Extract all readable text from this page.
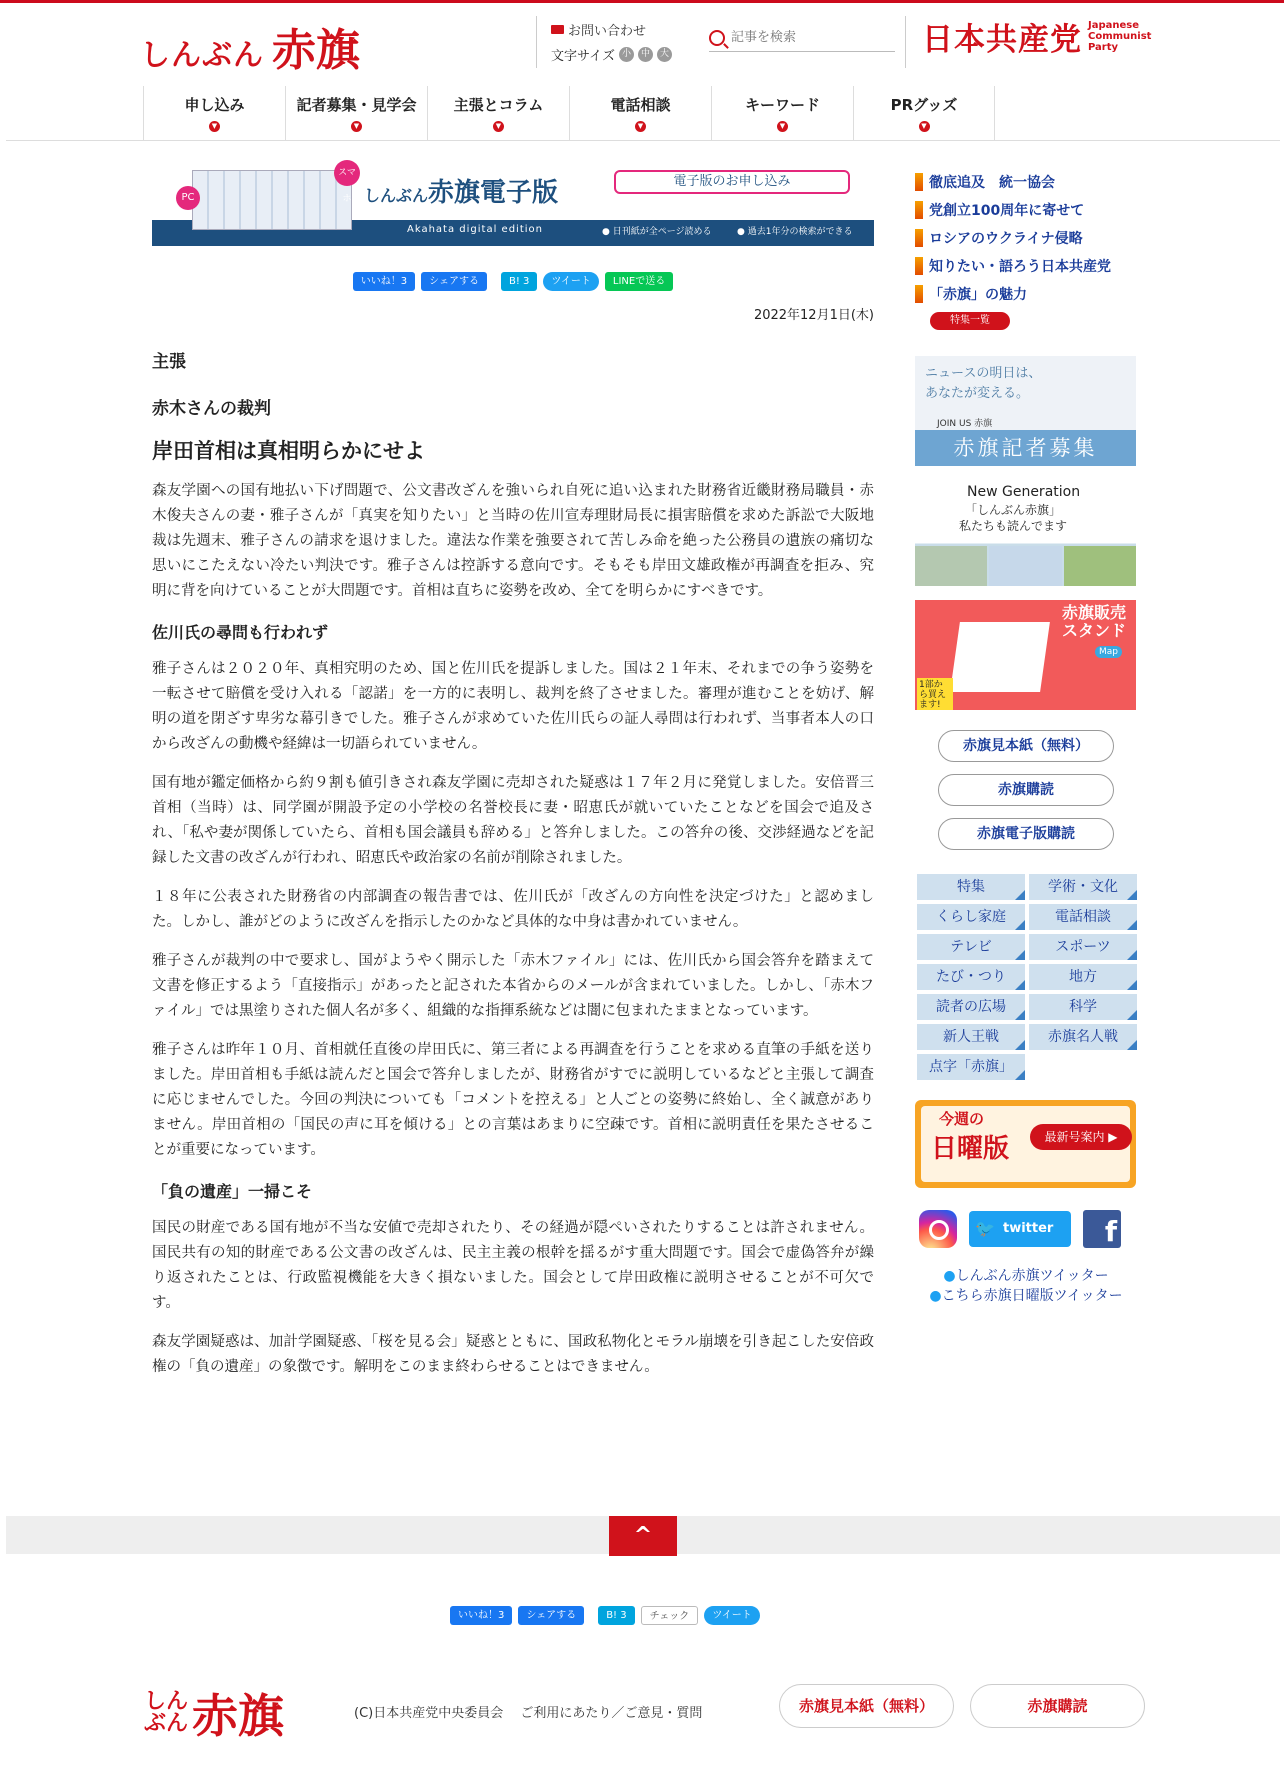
しんぶん 赤旗	お問い合わせ
文字サイズ 小	中	大
記事を検索	日本共産党 Japanese Communist Party
申し込み
▼
記者募集・見学会
▼
主張とコラム
▼
電話相談
▼
キーワード
▼
PRグッズ
▼
PC
スマホ しんぶん赤旗電子版	電子版のお申し込み
Akahata digital edition	● 日刊紙が全ページ読める	● 過去1年分の検索ができる
いいね！3	シェアする	B! 3	ツイート	LINEで送る
2022年12月1日(木)
主張
赤木さんの裁判
岸田首相は真相明らかにせよ

森友学園への国有地払い下げ問題で、公文書改ざんを強いられ自死に追い込まれた財務省近畿財務局職員・赤木俊夫さんの妻・雅子さんが「真実を知りたい」と当時の佐川宣寿理財局長に損害賠償を求めた訴訟で大阪地裁は先週末、雅子さんの請求を退けました。違法な作業を強要されて苦しみ命を絶った公務員の遺族の痛切な思いにこたえない冷たい判決です。雅子さんは控訴する意向です。そもそも岸田文雄政権が再調査を拒み、究明に背を向けていることが大問題です。首相は直ちに姿勢を改め、全てを明らかにすべきです。

佐川氏の尋問も行われず

雅子さんは２０２０年、真相究明のため、国と佐川氏を提訴しました。国は２１年末、それまでの争う姿勢を一転させて賠償を受け入れる「認諾」を一方的に表明し、裁判を終了させました。審理が進むことを妨げ、解明の道を閉ざす卑劣な幕引きでした。雅子さんが求めていた佐川氏らの証人尋問は行われず、当事者本人の口から改ざんの動機や経緯は一切語られていません。

国有地が鑑定価格から約９割も値引きされ森友学園に売却された疑惑は１７年２月に発覚しました。安倍晋三首相（当時）は、同学園が開設予定の小学校の名誉校長に妻・昭恵氏が就いていたことなどを国会で追及され、「私や妻が関係していたら、首相も国会議員も辞める」と答弁しました。この答弁の後、交渉経過などを記録した文書の改ざんが行われ、昭恵氏や政治家の名前が削除されました。

１８年に公表された財務省の内部調査の報告書では、佐川氏が「改ざんの方向性を決定づけた」と認めました。しかし、誰がどのように改ざんを指示したのかなど具体的な中身は書かれていません。

雅子さんが裁判の中で要求し、国がようやく開示した「赤木ファイル」には、佐川氏から国会答弁を踏まえて文書を修正するよう「直接指示」があったと記された本省からのメールが含まれていました。しかし、「赤木ファイル」では黒塗りされた個人名が多く、組織的な指揮系統などは闇に包まれたままとなっています。

雅子さんは昨年１０月、首相就任直後の岸田氏に、第三者による再調査を行うことを求める直筆の手紙を送りました。岸田首相も手紙は読んだと国会で答弁しましたが、財務省がすでに説明しているなどと主張して調査に応じませんでした。今回の判決についても「コメントを控える」と人ごとの姿勢に終始し、全く誠意がありません。岸田首相の「国民の声に耳を傾ける」との言葉はあまりに空疎です。首相に説明責任を果たさせることが重要になっています。

「負の遺産」一掃こそ

国民の財産である国有地が不当な安値で売却されたり、その経過が隠ぺいされたりすることは許されません。国民共有の知的財産である公文書の改ざんは、民主主義の根幹を揺るがす重大問題です。国会で虚偽答弁が繰り返されたことは、行政監視機能を大きく損ないました。国会として岸田政権に説明させることが不可欠です。

森友学園疑惑は、加計学園疑惑、「桜を見る会」疑惑とともに、国政私物化とモラル崩壊を引き起こした安倍政権の「負の遺産」の象徴です。解明をこのまま終わらせることはできません。

徹底追及　統一協会
党創立100周年に寄せて
ロシアのウクライナ侵略
知りたい・語ろう日本共産党
「赤旗」の魅力
特集一覧
ニュースの明日は、
あなたが変える。
JOIN US 赤旗
赤旗記者募集
New Generation
「しんぶん赤旗」
私たちも読んでます
赤旗販売
スタンド
Map
1部から買えます!
赤旗見本紙（無料）
赤旗購読
赤旗電子版購読
特集	学術・文化
くらし家庭	電話相談
テレビ	スポーツ
たび・つり	地方
読者の広場	科学
新人王戦	赤旗名人戦
点字「赤旗」
今週の
日曜版	最新号案内 ▶
🐦 twitter	f
●しんぶん赤旗ツイッター
●こちら赤旗日曜版ツイッター
^
いいね！3	シェアする	B! 3	チェック	ツイート
しんぶん 赤旗	(C)日本共産党中央委員会　 ご利用にあたり／ご意見・質問	赤旗見本紙（無料）	赤旗購読
